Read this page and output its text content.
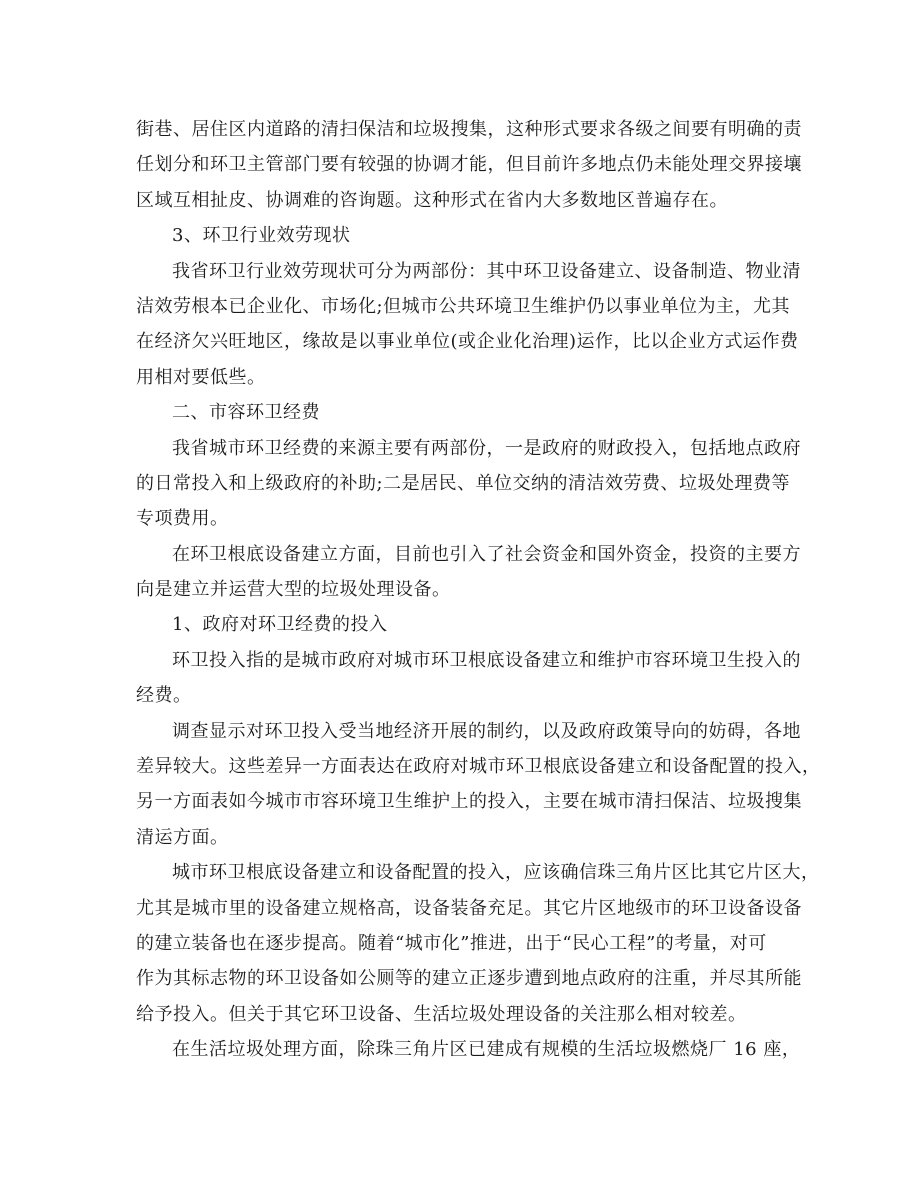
街巷、居住区内道路的清扫保洁和垃圾搜集，这种形式要求各级之间要有明确的责
任划分和环卫主管部门要有较强的协调才能，但目前许多地点仍未能处理交界接壤
区域互相扯皮、协调难的咨询题。这种形式在省内大多数地区普遍存在。
3、环卫行业效劳现状
我省环卫行业效劳现状可分为两部份：其中环卫设备建立、设备制造、物业清
洁效劳根本已企业化、市场化;但城市公共环境卫生维护仍以事业单位为主，尤其
在经济欠兴旺地区，缘故是以事业单位(或企业化治理)运作，比以企业方式运作费
用相对要低些。
二、市容环卫经费
我省城市环卫经费的来源主要有两部份，一是政府的财政投入，包括地点政府
的日常投入和上级政府的补助;二是居民、单位交纳的清洁效劳费、垃圾处理费等
专项费用。
在环卫根底设备建立方面，目前也引入了社会资金和国外资金，投资的主要方
向是建立并运营大型的垃圾处理设备。
1、政府对环卫经费的投入
环卫投入指的是城市政府对城市环卫根底设备建立和维护市容环境卫生投入的
经费。
调查显示对环卫投入受当地经济开展的制约，以及政府政策导向的妨碍，各地
差异较大。这些差异一方面表达在政府对城市环卫根底设备建立和设备配置的投入，
另一方面表如今城市市容环境卫生维护上的投入，主要在城市清扫保洁、垃圾搜集
清运方面。
城市环卫根底设备建立和设备配置的投入，应该确信珠三角片区比其它片区大，
尤其是城市里的设备建立规格高，设备装备充足。其它片区地级市的环卫设备设备
的建立装备也在逐步提高。随着“城市化”推进，出于“民心工程”的考量，对可
作为其标志物的环卫设备如公厕等的建立正逐步遭到地点政府的注重，并尽其所能
给予投入。但关于其它环卫设备、生活垃圾处理设备的关注那么相对较差。
在生活垃圾处理方面，除珠三角片区已建成有规模的生活垃圾燃烧厂 16 座，
